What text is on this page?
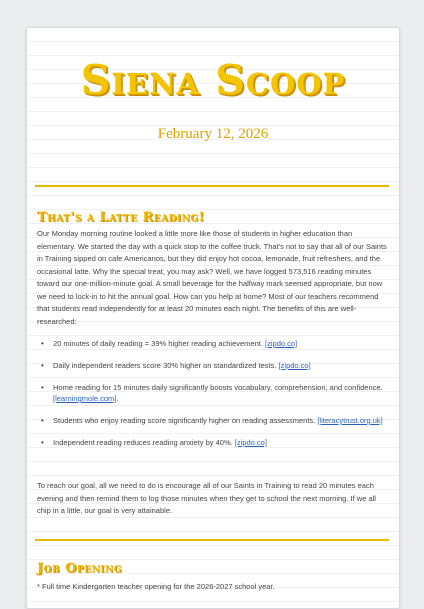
Siena Scoop
February 12, 2026
That's a Latte Reading!
Our Monday morning routine looked a little more like those of students in higher education than elementary. We started the day with a quick stop to the coffee truck. That's not to say that all of our Saints in Training sipped on cafe Americanos, but they did enjoy hot cocoa, lemonade, fruit refreshers, and the occasional latte. Why the special treat, you may ask? Well, we have logged 573,516 reading minutes toward our one-million-minute goal. A small beverage for the halfway mark seemed appropriate, but now we need to lock-in to hit the annual goal. How can you help at home? Most of our teachers recommend that students read independently for at least 20 minutes each night. The benefits of this are well-researched:
• 20 minutes of daily reading = 39% higher reading achievement. [zipdo.co]
• Daily independent readers score 30% higher on standardized tests. [zipdo.co]
• Home reading for 15 minutes daily significantly boosts vocabulary, comprehension, and confidence. [learningmole.com].
• Students who enjoy reading score significantly higher on reading assessments. [literacytrust.org.uk]
• Independent reading reduces reading anxiety by 40%. [zipdo.co]
To reach our goal, all we need to do is encourage all of our Saints in Training to read 20 minutes each evening and then remind them to log those minutes when they get to school the next morning. If we all chip in a little, our goal is very attainable.
Job Opening
* Full time Kindergarten teacher opening for the 2026-2027 school year.
